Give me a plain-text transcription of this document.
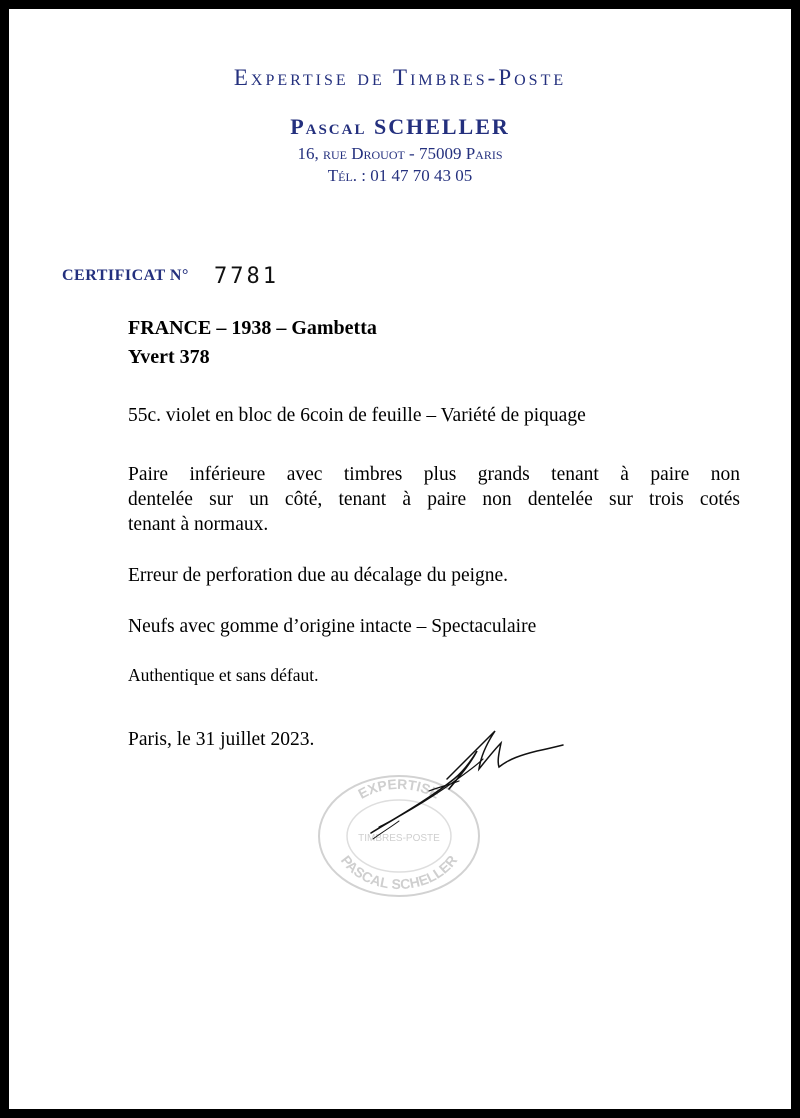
Expertise de Timbres-Poste
Pascal SCHELLER
16, rue Drouot - 75009 Paris
Tél. : 01 47 70 43 05
CERTIFICAT N° 7781
FRANCE – 1938 – Gambetta
Yvert 378
55c. violet en bloc de 6coin de feuille – Variété de piquage
Paire inférieure avec timbres plus grands tenant à paire non
dentelée sur un côté, tenant à paire non dentelée sur trois cotés
tenant à normaux.
Erreur de perforation due au décalage du peigne.
Neufs avec gomme d’origine intacte – Spectaculaire
Authentique et sans défaut.
Paris, le 31 juillet 2023.
EXPERTISE
TIMBRES-POSTE
PASCAL SCHELLER
